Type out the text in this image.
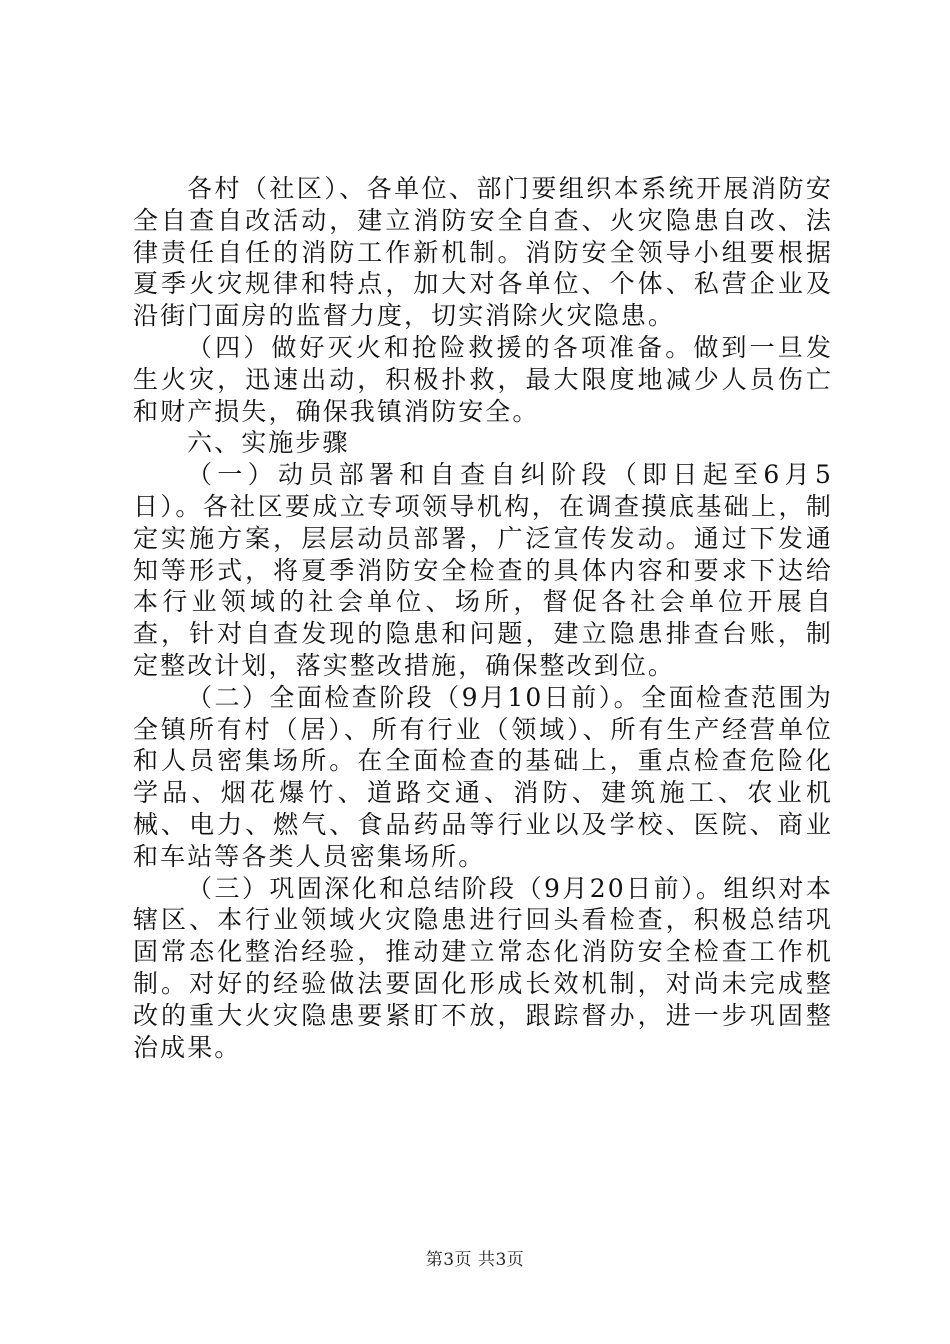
各村（社区）、各单位、部门要组织本系统开展消防安全自查自改活动，建立消防安全自查、火灾隐患自改、法律责任自任的消防工作新机制。消防安全领导小组要根据夏季火灾规律和特点，加大对各单位、个体、私营企业及沿街门面房的监督力度，切实消除火灾隐患。

（四）做好灭火和抢险救援的各项准备。做到一旦发生火灾，迅速出动，积极扑救，最大限度地减少人员伤亡和财产损失，确保我镇消防安全。

六、实施步骤

（一）动员部署和自查自纠阶段（即日起至6月5日）。各社区要成立专项领导机构，在调查摸底基础上，制定实施方案，层层动员部署，广泛宣传发动。通过下发通知等形式，将夏季消防安全检查的具体内容和要求下达给本行业领域的社会单位、场所，督促各社会单位开展自查，针对自查发现的隐患和问题，建立隐患排查台账，制定整改计划，落实整改措施，确保整改到位。

（二）全面检查阶段（9月10日前）。全面检查范围为全镇所有村（居）、所有行业（领域）、所有生产经营单位和人员密集场所。在全面检查的基础上，重点检查危险化学品、烟花爆竹、道路交通、消防、建筑施工、农业机械、电力、燃气、食品药品等行业以及学校、医院、商业和车站等各类人员密集场所。

（三）巩固深化和总结阶段（9月20日前）。组织对本辖区、本行业领域火灾隐患进行回头看检查，积极总结巩固常态化整治经验，推动建立常态化消防安全检查工作机制。对好的经验做法要固化形成长效机制，对尚未完成整改的重大火灾隐患要紧盯不放，跟踪督办，进一步巩固整治成果。

第3页 共3页
